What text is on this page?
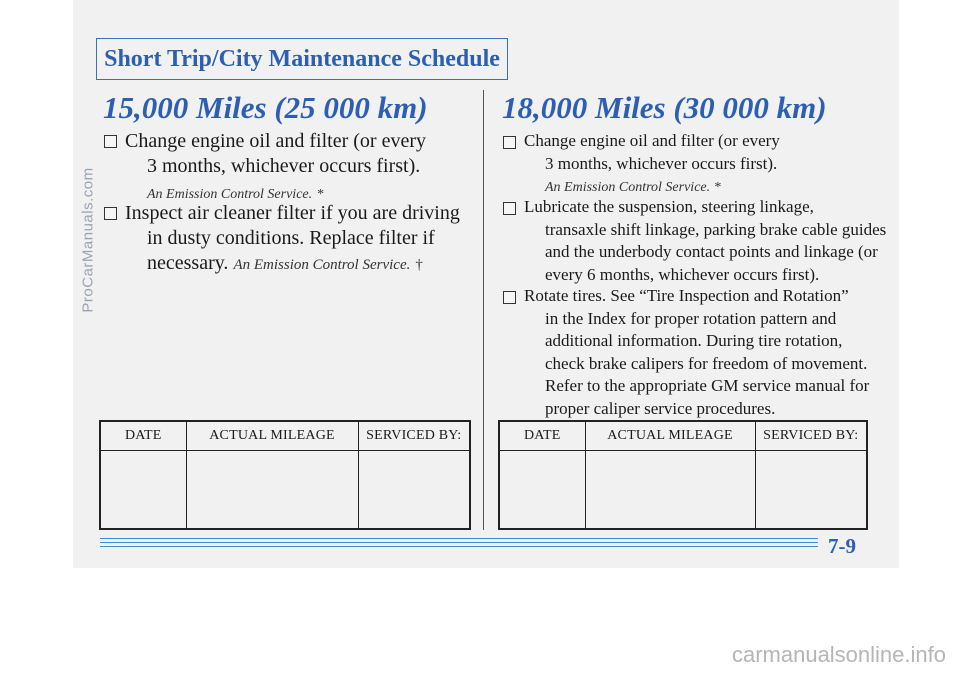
Short Trip/City Maintenance Schedule
15,000 Miles (25 000 km)
Change engine oil and filter (or every
3 months, whichever occurs first).
An Emission Control Service. *
Inspect air cleaner filter if you are driving
in dusty conditions. Replace filter if
necessary. An Emission Control Service. †
DATE	ACTUAL MILEAGE	SERVICED BY:

18,000 Miles (30 000 km)
Change engine oil and filter (or every
3 months, whichever occurs first).
An Emission Control Service. *
Lubricate the suspension, steering linkage,
transaxle shift linkage, parking brake cable guides
and the underbody contact points and linkage (or
every 6 months, whichever occurs first).
Rotate tires. See “Tire Inspection and Rotation”
in the Index for proper rotation pattern and
additional information. During tire rotation,
check brake calipers for freedom of movement.
Refer to the appropriate GM service manual for
proper caliper service procedures.
DATE	ACTUAL MILEAGE	SERVICED BY:

7-9
ProCarManuals.com
carmanualsonline.info
